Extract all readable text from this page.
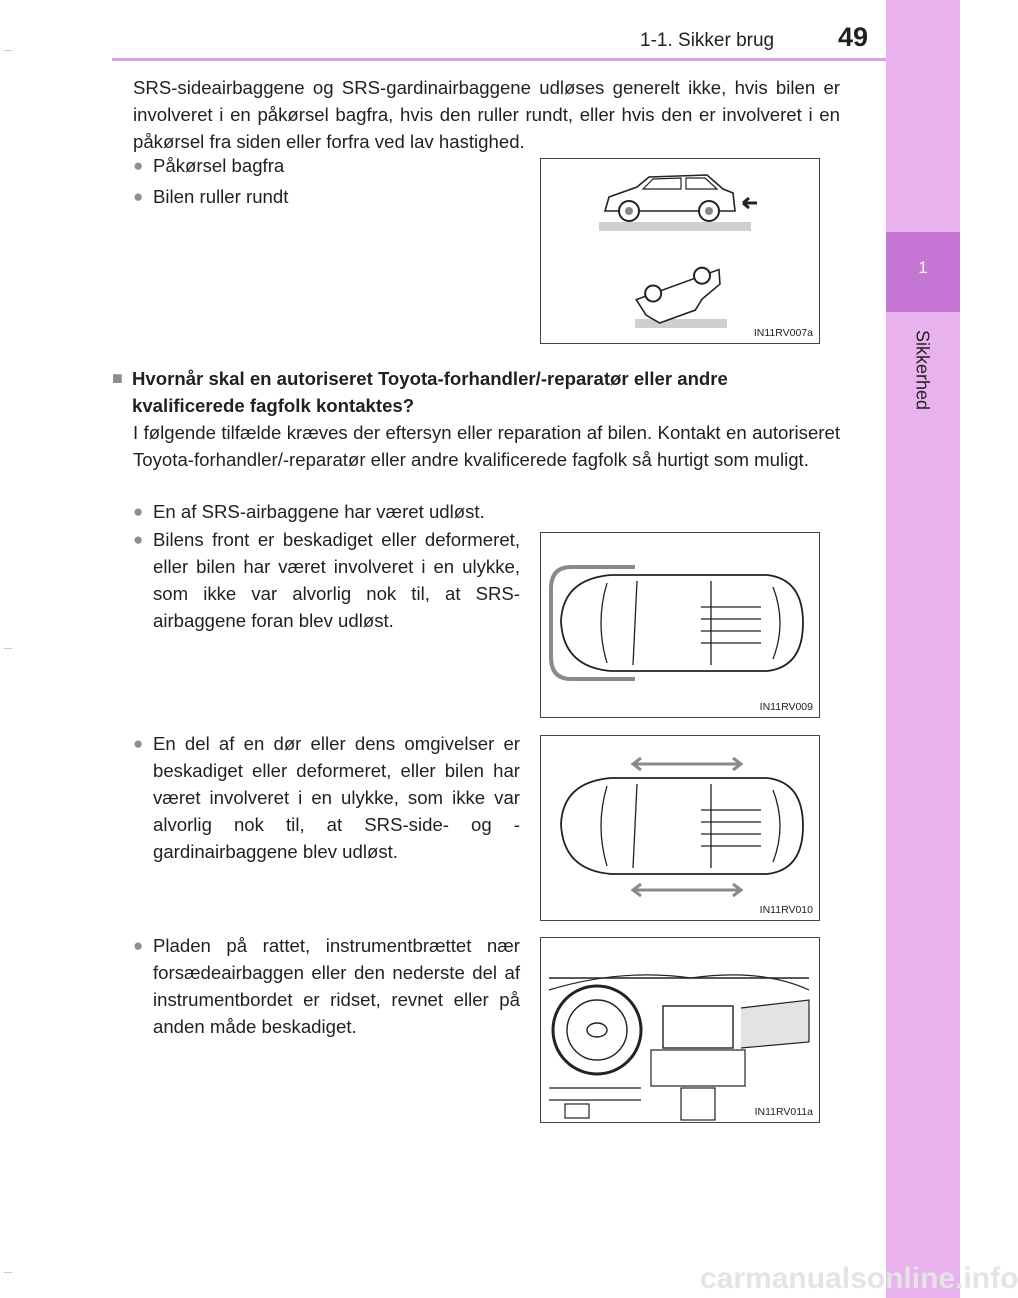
1-1. Sikker brug 49
1
Sikkerhed

SRS-sideairbaggene og SRS-gardinairbaggene udløses generelt ikke, hvis bilen er involveret i en påkørsel bagfra, hvis den ruller rundt, eller hvis den er involveret i en påkørsel fra siden eller forfra ved lav hastighed.

● Påkørsel bagfra
● Bilen ruller rundt
IN11RV007a
■ Hvornår skal en autoriseret Toyota-forhandler/-reparatør eller andre kvalificerede fagfolk kontaktes?

I følgende tilfælde kræves der eftersyn eller reparation af bilen. Kontakt en autoriseret Toyota-forhandler/-reparatør eller andre kvalificerede fagfolk så hurtigt som muligt.

● En af SRS-airbaggene har været udløst.
● Bilens front er beskadiget eller deformeret, eller bilen har været involveret i en ulykke, som ikke var alvorlig nok til, at SRS-airbaggene foran blev udløst.
IN11RV009
● En del af en dør eller dens omgivelser er beskadiget eller deformeret, eller bilen har været involveret i en ulykke, som ikke var alvorlig nok til, at SRS-side- og -gardinairbaggene blev udløst.
IN11RV010
● Pladen på rattet, instrumentbrættet nær forsædeairbaggen eller den nederste del af instrumentbordet er ridset, revnet eller på anden måde beskadiget.
IN11RV011a
carmanualsonline.info
